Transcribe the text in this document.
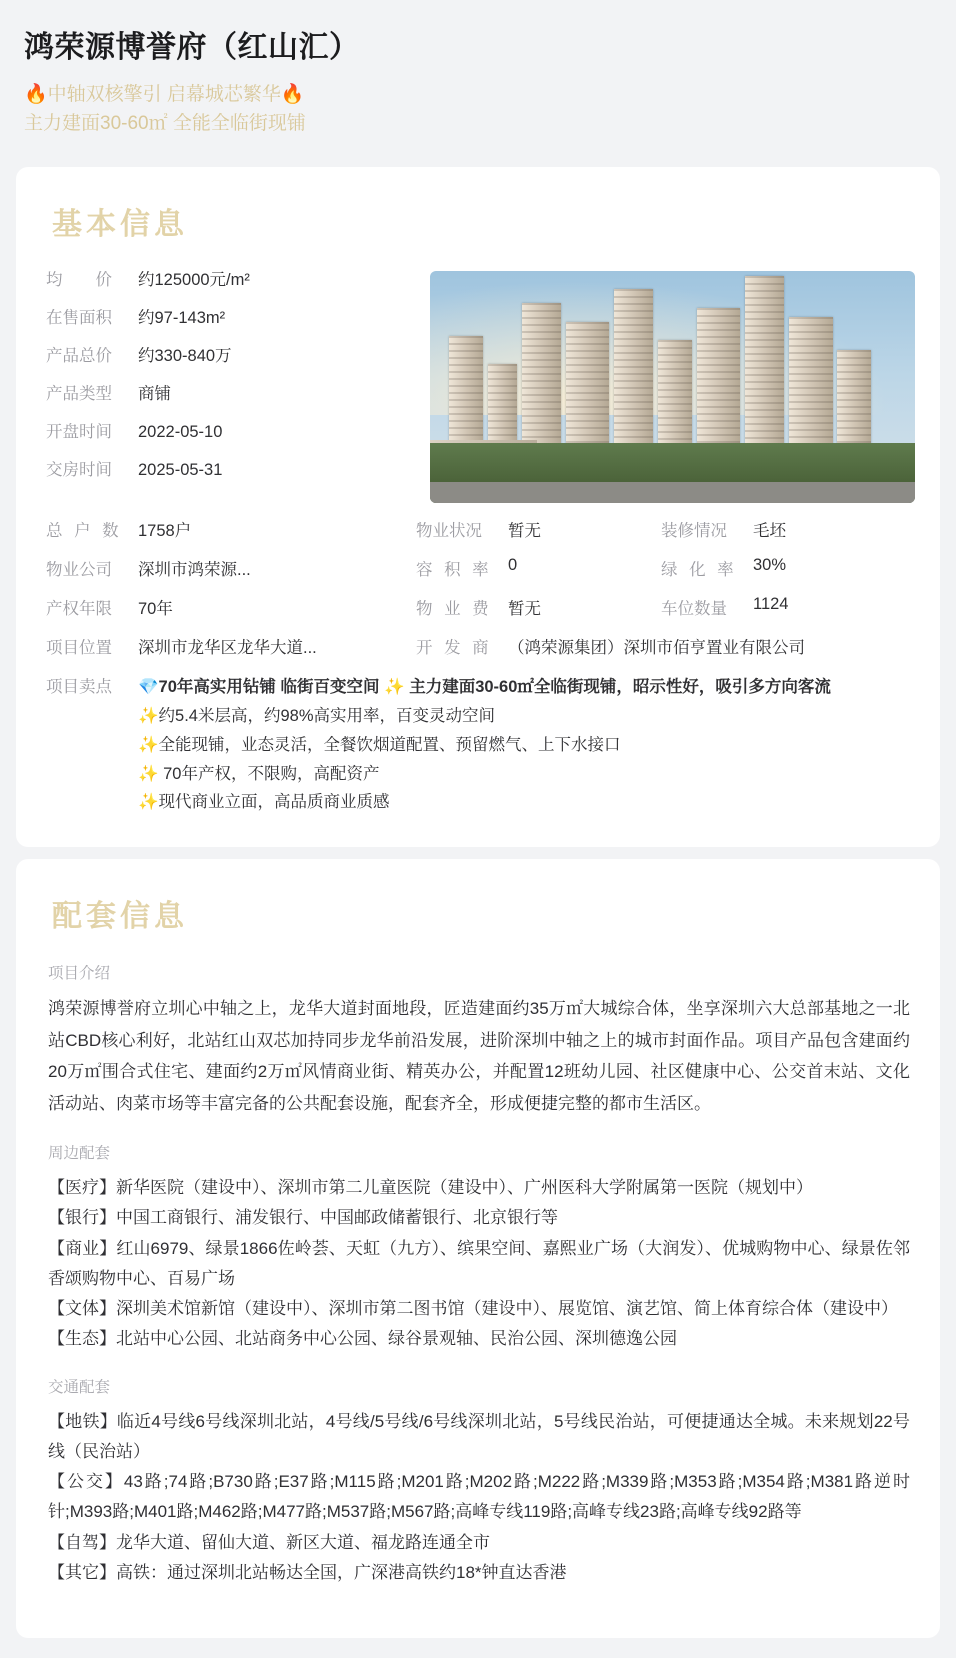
鸿荣源博誉府（红山汇）
🔥中轴双核擎引 启幕城芯繁华🔥
主力建面30-60㎡ 全能全临街现铺
基本信息
均　　价	约125000元/m²
在售面积	约97-143m²
产品总价	约330-840万
产品类型	商铺
开盘时间	2022-05-10
交房时间	2025-05-31
总 户 数 1758户	物业状况	暂无	装修情况	毛坯
物业公司	深圳市鸿荣源...	容 积 率 0	绿 化 率 30%
产权年限	70年	物 业 费 暂无	车位数量	1124
项目位置	深圳市龙华区龙华大道...	开 发 商 （鸿荣源集团）深圳市佰亨置业有限公司
项目卖点	💎70年高实用钻铺 临街百变空间 ✨ 主力建面30-60㎡全临街现铺，昭示性好，吸引多方向客流
✨约5.4米层高，约98%高实用率，百变灵动空间
✨全能现铺，业态灵活，全餐饮烟道配置、预留燃气、上下水接口
✨ 70年产权，不限购，高配资产
✨现代商业立面，高品质商业质感
配套信息
项目介绍

鸿荣源博誉府立圳心中轴之上，龙华大道封面地段，匠造建面约35万㎡大城综合体，坐享深圳六大总部基地之一北站CBD核心利好，北站红山双芯加持同步龙华前沿发展，进阶深圳中轴之上的城市封面作品。项目产品包含建面约20万㎡围合式住宅、建面约2万㎡风情商业街、精英办公，并配置12班幼儿园、社区健康中心、公交首末站、文化活动站、肉菜市场等丰富完备的公共配套设施，配套齐全，形成便捷完整的都市生活区。

周边配套

【医疗】新华医院（建设中）、深圳市第二儿童医院（建设中）、广州医科大学附属第一医院（规划中）

【银行】中国工商银行、浦发银行、中国邮政储蓄银行、北京银行等

【商业】红山6979、绿景1866佐岭荟、天虹（九方）、缤果空间、嘉熙业广场（大润发）、优城购物中心、绿景佐邻香颂购物中心、百易广场

【文体】深圳美术馆新馆（建设中）、深圳市第二图书馆（建设中）、展览馆、演艺馆、简上体育综合体（建设中）

【生态】北站中心公园、北站商务中心公园、绿谷景观轴、民治公园、深圳德逸公园

交通配套

【地铁】临近4号线6号线深圳北站，4号线/5号线/6号线深圳北站，5号线民治站，可便捷通达全城。未来规划22号线（民治站）

【公交】43路;74路;B730路;E37路;M115路;M201路;M202路;M222路;M339路;M353路;M354路;M381路逆时针;M393路;M401路;M462路;M477路;M537路;M567路;高峰专线119路;高峰专线23路;高峰专线92路等

【自驾】龙华大道、留仙大道、新区大道、福龙路连通全市

【其它】高铁：通过深圳北站畅达全国，广深港高铁约18*钟直达香港
